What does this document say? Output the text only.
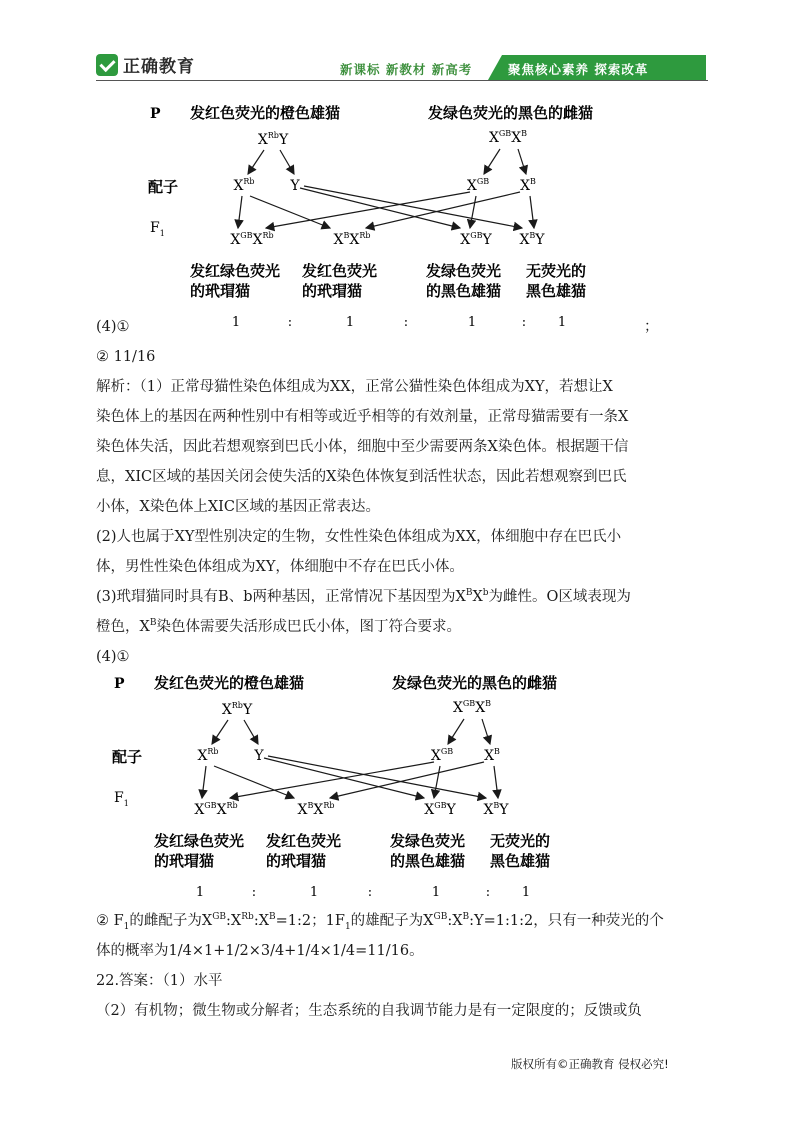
正确教育	新课标 新教材 新高考	聚焦核心素养 探索改革
P 发红色荧光的橙色雄猫	发绿色荧光的黑色的雌猫
$X^{Rb}Y$	$X^{GB}X^B$
配子	$X^{Rb}$	Y	$X^{GB}$ $X^B$
$F_1$	$X^{GB}X^{Rb}$	$X^BX^{Rb}$	$X^{GB}Y$ $X^BY$
发红绿色荧光
的玳瑁猫
发红色荧光
的玳瑁猫
发绿色荧光
的黑色雄猫
无荧光的
黑色雄猫
1	:	1	:	1	: 1
(4)①	；
② 11/16
解析：（1）正常母猫性染色体组成为XX，正常公猫性染色体组成为XY，若想让X
染色体上的基因在两种性别中有相等或近乎相等的有效剂量，正常母猫需要有一条X
染色体失活，因此若想观察到巴氏小体，细胞中至少需要两条X染色体。根据题干信
息，XIC区域的基因关闭会使失活的X染色体恢复到活性状态，因此若想观察到巴氏
小体，X染色体上XIC区域的基因正常表达。
(2)人也属于XY型性别决定的生物，女性性染色体组成为XX，体细胞中存在巴氏小
体，男性性染色体组成为XY，体细胞中不存在巴氏小体。
(3)玳瑁猫同时具有B、b两种基因，正常情况下基因型为$X^BX^b$为雌性。O区域表现为
橙色，$X^B$染色体需要失活形成巴氏小体，图丁符合要求。
(4)①
P 发红色荧光的橙色雄猫	发绿色荧光的黑色的雌猫
$X^{Rb}Y$	$X^{GB}X^B$
配子	$X^{Rb}$	Y	$X^{GB}$ $X^B$
$F_1$	$X^{GB}X^{Rb}$	$X^BX^{Rb}$	$X^{GB}Y$ $X^BY$
发红绿色荧光
的玳瑁猫
发红色荧光
的玳瑁猫
发绿色荧光
的黑色雄猫
无荧光的
黑色雄猫
1	:	1	:	1	: 1
② $F_1$的雌配子为$X^{GB}:X^{Rb}:X^B=1:2$；$1F_1$的雄配子为$X^{GB}:X^B:Y=1:1:2$，只有一种荧光的个
体的概率为1/4×1+1/2×3/4+1/4×1/4=11/16。
22.答案：（1）水平
（2）有机物；微生物或分解者；生态系统的自我调节能力是有一定限度的；反馈或负
版权所有©正确教育 侵权必究!
